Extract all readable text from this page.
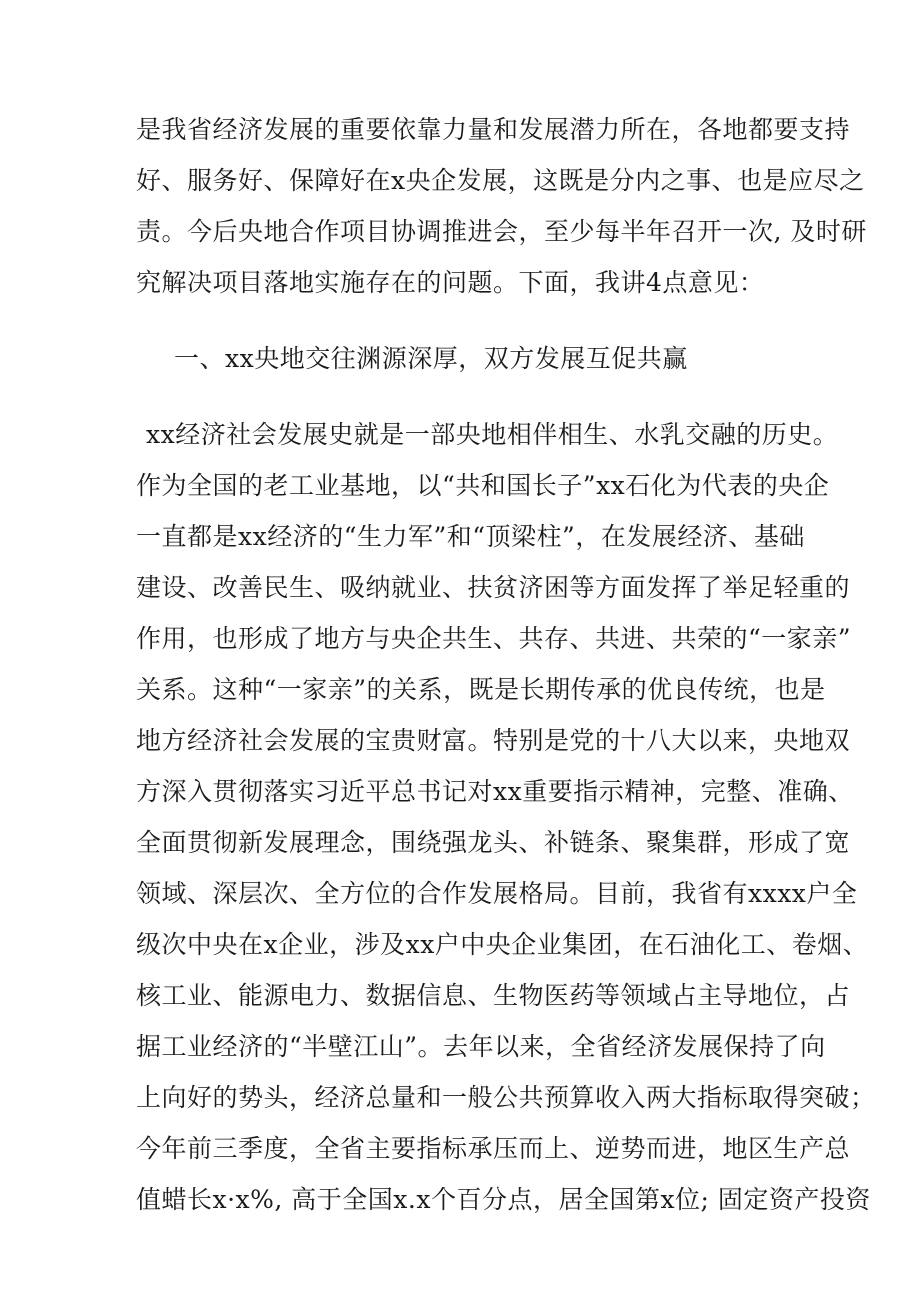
是我省经济发展的重要依靠力量和发展潜力所在，各地都要支持
好、服务好、保障好在x央企发展，这既是分内之事、也是应尽之
责。今后央地合作项目协调推进会，至少每半年召开一次, 及时研
究解决项目落地实施存在的问题。下面，我讲4点意见：
一、xx央地交往渊源深厚，双方发展互促共赢
xx经济社会发展史就是一部央地相伴相生、水乳交融的历史。
作为全国的老工业基地，以“共和国长子”xx石化为代表的央企
一直都是xx经济的“生力军”和“顶梁柱”，在发展经济、基础
建设、改善民生、吸纳就业、扶贫济困等方面发挥了举足轻重的
作用，也形成了地方与央企共生、共存、共进、共荣的“一家亲”
关系。这种“一家亲”的关系，既是长期传承的优良传统，也是
地方经济社会发展的宝贵财富。特别是党的十八大以来，央地双
方深入贯彻落实习近平总书记对xx重要指示精神，完整、准确、
全面贯彻新发展理念，围绕强龙头、补链条、聚集群，形成了宽
领域、深层次、全方位的合作发展格局。目前，我省有xxxx户全
级次中央在x企业，涉及xx户中央企业集团，在石油化工、卷烟、
核工业、能源电力、数据信息、生物医药等领域占主导地位，占
据工业经济的“半壁江山”。去年以来，全省经济发展保持了向
上向好的势头，经济总量和一般公共预算收入两大指标取得突破；
今年前三季度，全省主要指标承压而上、逆势而进，地区生产总
值蜡长x·x%, 高于全国x.x个百分点，居全国第x位; 固定资产投资
